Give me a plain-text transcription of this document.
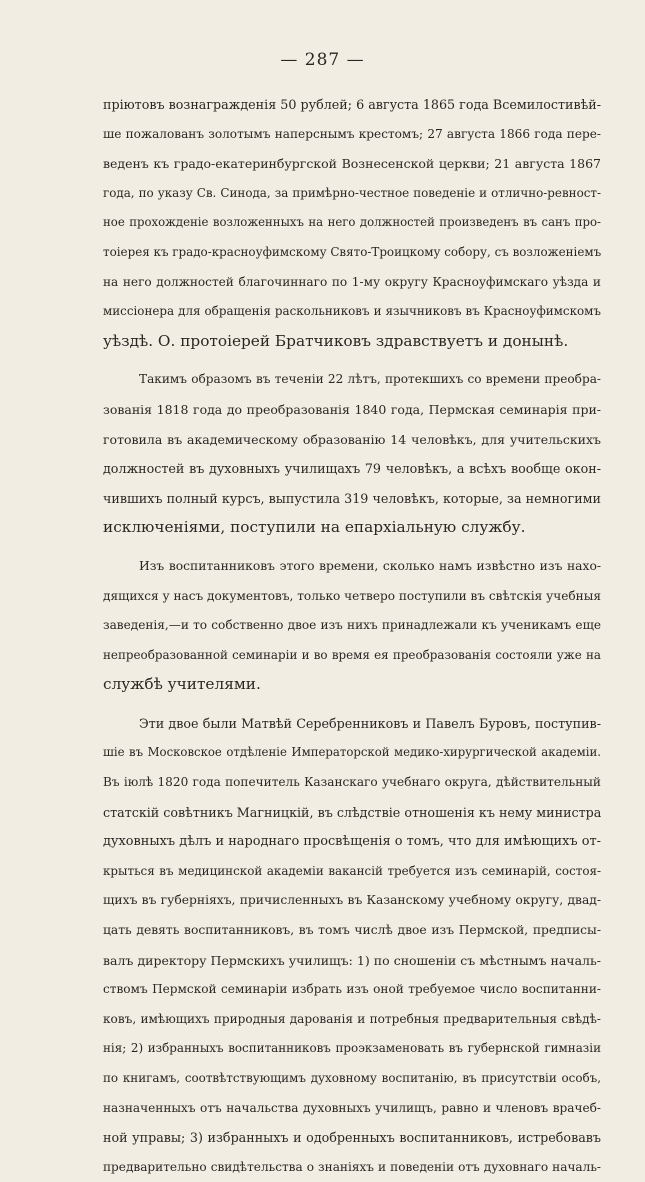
— 287 —

пріютовъ вознагражденія 50 рублей; 6 августа 1865 года Всемилостивѣй-
ше пожалованъ золотымъ наперснымъ крестомъ; 27 августа 1866 года пере-
веденъ къ градо-екатеринбургской Вознесенской церкви; 21 августа 1867
года, по указу Св. Синода, за примѣрно-честное поведеніе и отлично-ревност-
ное прохожденіе возложенныхъ на него должностей произведенъ въ санъ про-
тоіерея къ градо-красноуфимскому Свято-Троицкому собору, съ возложеніемъ
на него должностей благочиннаго по 1-му округу Красноуфимскаго уѣзда и
миссіонера для обращенія раскольниковъ и язычниковъ въ Красноуфимскомъ
уѣздѣ. О. протоіерей Братчиковъ здравствуетъ и донынѣ.

Такимъ образомъ въ теченіи 22 лѣтъ, протекшихъ со времени преобра-
зованія 1818 года до преобразованія 1840 года, Пермская семинарія при-
готовила въ академическому образованію 14 человѣкъ, для учительскихъ
должностей въ духовныхъ училищахъ 79 человѣкъ, а всѣхъ вообще окон-
чившихъ полный курсъ, выпустила 319 человѣкъ, которые, за немногими
исключеніями, поступили на епархіальную службу.

Изъ воспитанниковъ этого времени, сколько намъ извѣстно изъ нахо-
дящихся у насъ документовъ, только четверо поступили въ свѣтскія учебныя
заведенія,—и то собственно двое изъ нихъ принадлежали къ ученикамъ еще
непреобразованной семинаріи и во время ея преобразованія состояли уже на
службѣ учителями.

Эти двое были Матвѣй Серебренниковъ и Павелъ Буровъ, поступив-
шіе въ Московское отдѣленіе Императорской медико-хирургической академіи.
Въ іюлѣ 1820 года попечитель Казанскаго учебнаго округа, дѣйствительный
статскій совѣтникъ Магницкій, въ слѣдствіе отношенія къ нему министра
духовныхъ дѣлъ и народнаго просвѣщенія о томъ, что для имѣющихъ от-
крыться въ медицинской академіи вакансій требуется изъ семинарій, состоя-
щихъ въ губерніяхъ, причисленныхъ въ Казанскому учебному округу, двад-
цать девять воспитанниковъ, въ томъ числѣ двое изъ Пермской, предписы-
валъ директору Пермскихъ училищъ: 1) по сношеніи съ мѣстнымъ началь-
ствомъ Пермской семинаріи избрать изъ оной требуемое число воспитанни-
ковъ, имѣющихъ природныя дарованія и потребныя предварительныя свѣдѣ-
нія; 2) избранныхъ воспитанниковъ проэкзаменовать въ губернской гимназіи
по книгамъ, соотвѣтствующимъ духовному воспитанію, въ присутствіи особъ,
назначенныхъ отъ начальства духовныхъ училищъ, равно и членовъ врачеб-
ной управы; 3) избранныхъ и одобренныхъ воспитанниковъ, истребовавъ
предварительно свидѣтельства о знаніяхъ и поведеніи отъ духовнаго началь-
